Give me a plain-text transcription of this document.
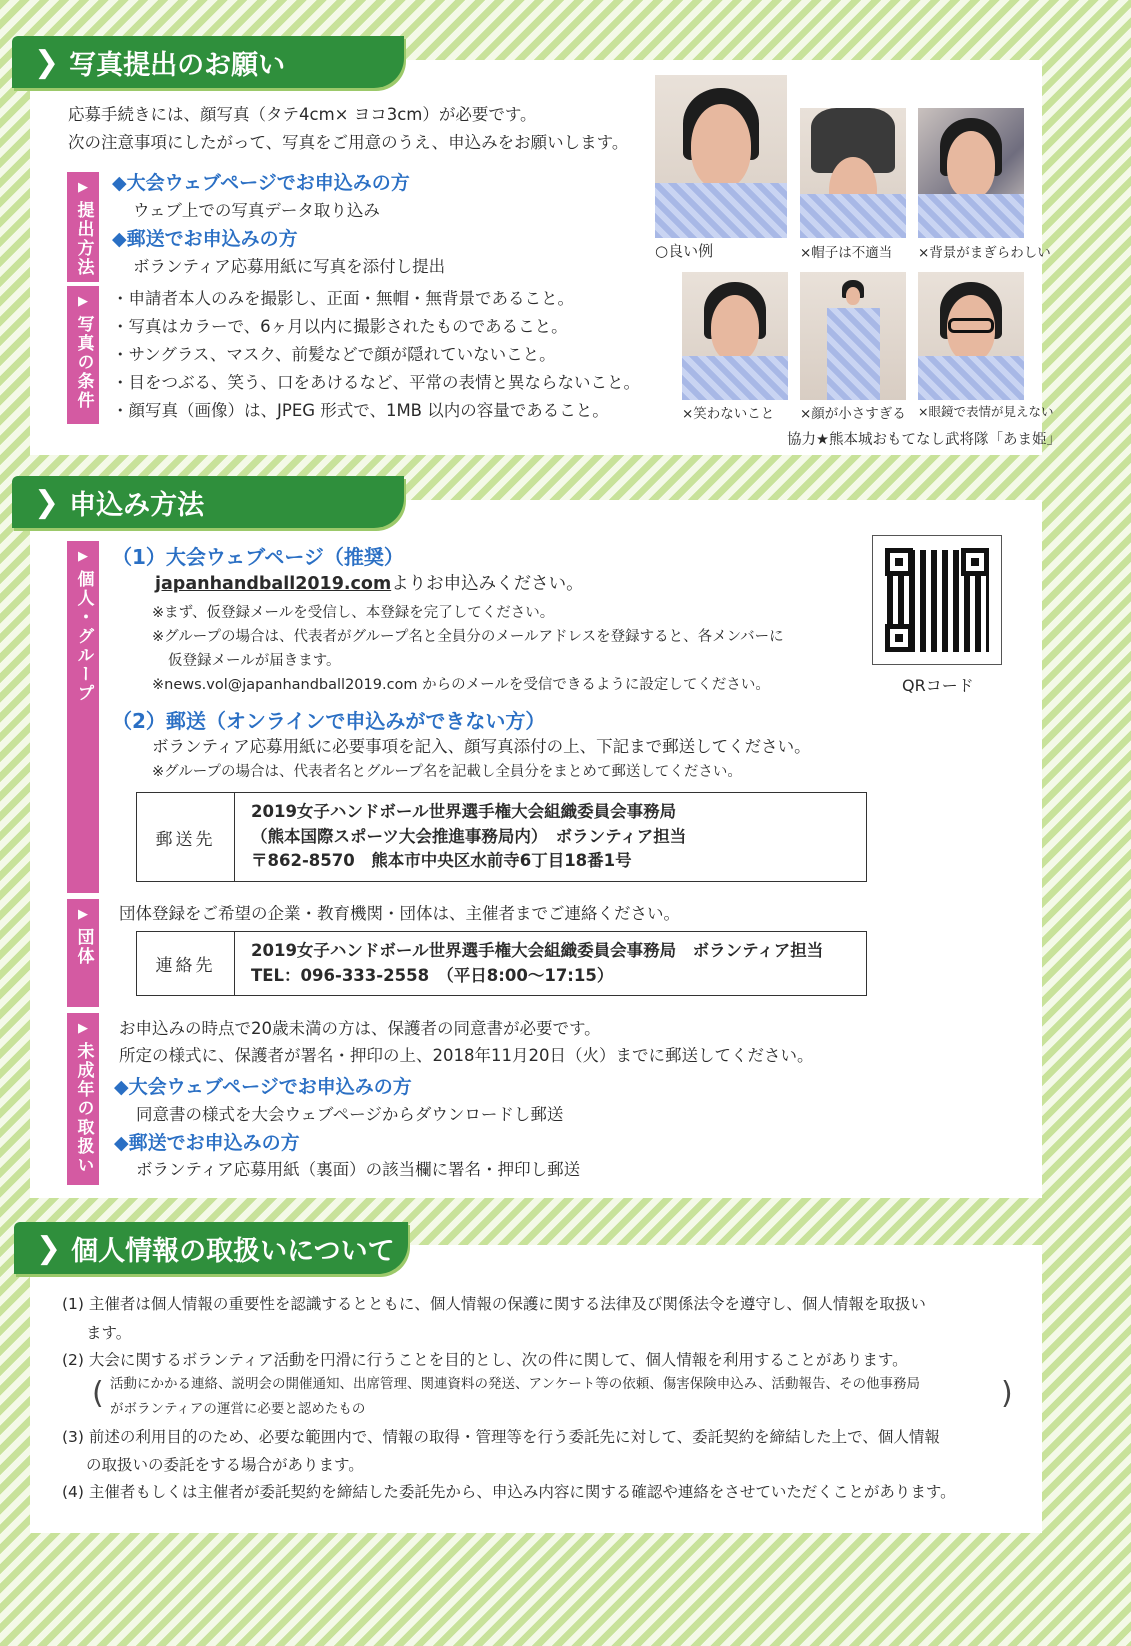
❯ 写真提出のお願い
応募手続きには、顔写真（タテ4cm× ヨコ3cm）が必要です。
次の注意事項にしたがって、写真をご用意のうえ、申込みをお願いします。
▶
提出方法
▶
写真の条件
◆大会ウェブページでお申込みの方
ウェブ上での写真データ取り込み
◆郵送でお申込みの方
ボランティア応募用紙に写真を添付し提出
・申請者本人のみを撮影し、正面・無帽・無背景であること。
・写真はカラーで、6ヶ月以内に撮影されたものであること。
・サングラス、マスク、前髪などで顔が隠れていないこと。
・目をつぶる、笑う、口をあけるなど、平常の表情と異ならないこと。
・顔写真（画像）は、JPEG 形式で、1MB 以内の容量であること。
○良い例	×帽子は不適当 ×背景がまぎらわしい
×笑わないこと ×顔が小さすぎる ×眼鏡で表情が見えない
協力★熊本城おもてなし武将隊「あま姫」
❯ 申込み方法
▶
個人・グループ
▶
団体
▶
未成年の取扱い
（1）大会ウェブページ（推奨）
japanhandball2019.comよりお申込みください。
※まず、仮登録メールを受信し、本登録を完了してください。
※グループの場合は、代表者がグループ名と全員分のメールアドレスを登録すると、各メンバーに
仮登録メールが届きます。
※news.vol@japanhandball2019.com からのメールを受信できるように設定してください。	QRコード
（2）郵送（オンラインで申込みができない方）
ボランティア応募用紙に必要事項を記入、顔写真添付の上、下記まで郵送してください。
※グループの場合は、代表者名とグループ名を記載し全員分をまとめて郵送してください。
郵送先	
2019女子ハンドボール世界選手権大会組織委員会事務局
（熊本国際スポーツ大会推進事務局内）　ボランティア担当
〒862-8570　熊本市中央区水前寺6丁目18番1号
団体登録をご希望の企業・教育機関・団体は、主催者までご連絡ください。
連絡先	
2019女子ハンドボール世界選手権大会組織委員会事務局　ボランティア担当
TEL：096-333-2558　（平日8:00～17:15）
お申込みの時点で20歳未満の方は、保護者の同意書が必要です。
所定の様式に、保護者が署名・押印の上、2018年11月20日（火）までに郵送してください。
◆大会ウェブページでお申込みの方
同意書の様式を大会ウェブページからダウンロードし郵送
◆郵送でお申込みの方
ボランティア応募用紙（裏面）の該当欄に署名・押印し郵送
❯ 個人情報の取扱いについて
(1) 主催者は個人情報の重要性を認識するとともに、個人情報の保護に関する法律及び関係法令を遵守し、個人情報を取扱い
ます。
(2) 大会に関するボランティア活動を円滑に行うことを目的とし、次の件に関して、個人情報を利用することがあります。
( 活動にかかる連絡、説明会の開催通知、出席管理、関連資料の発送、アンケート等の依頼、傷害保険申込み、活動報告、その他事務局
がボランティアの運営に必要と認めたもの	)
(3) 前述の利用目的のため、必要な範囲内で、情報の取得・管理等を行う委託先に対して、委託契約を締結した上で、個人情報
の取扱いの委託をする場合があります。
(4) 主催者もしくは主催者が委託契約を締結した委託先から、申込み内容に関する確認や連絡をさせていただくことがあります。
